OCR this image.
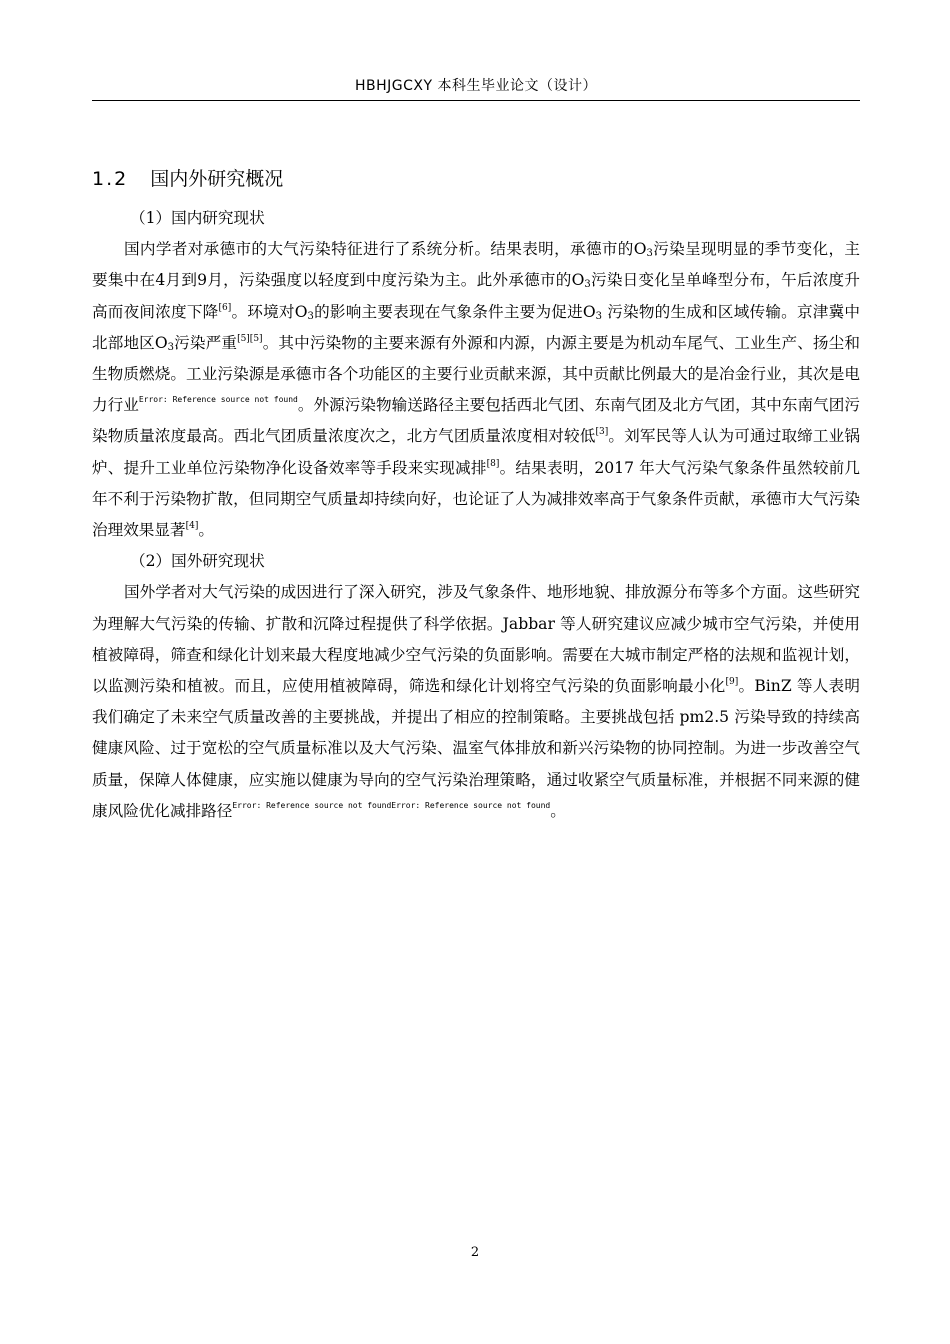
HBHJGCXY 本科生毕业论文（设计）
1.2 国内外研究概况

（1）国内研究现状

国内学者对承德市的大气污染特征进行了系统分析。结果表明，承德市的$O_3$污染呈现明显的季节变化，主要集中在4月到9月，污染强度以轻度到中度污染为主。此外承德市的$O_3$污染日变化呈单峰型分布，午后浓度升高而夜间浓度下降[6]。环境对$O_3$的影响主要表现在气象条件主要为促进$O_3$ 污染物的生成和区域传输。京津冀中北部地区$O_3$污染严重[5][5]。其中污染物的主要来源有外源和内源，内源主要是为机动车尾气、工业生产、扬尘和生物质燃烧。工业污染源是承德市各个功能区的主要行业贡献来源，其中贡献比例最大的是冶金行业，其次是电力行业$^{Error: Reference source not found}$。外源污染物输送路径主要包括西北气团、东南气团及北方气团，其中东南气团污染物质量浓度最高。西北气团质量浓度次之，北方气团质量浓度相对较低[3]。刘军民等人认为可通过取缔工业锅炉、提升工业单位污染物净化设备效率等手段来实现减排[8]。结果表明，2017 年大气污染气象条件虽然较前几年不利于污染物扩散，但同期空气质量却持续向好，也论证了人为减排效率高于气象条件贡献，承德市大气污染治理效果显著[4]。

（2）国外研究现状

国外学者对大气污染的成因进行了深入研究，涉及气象条件、地形地貌、排放源分布等多个方面。这些研究为理解大气污染的传输、扩散和沉降过程提供了科学依据。Jabbar 等人研究建议应减少城市空气污染，并使用植被障碍，筛查和绿化计划来最大程度地减少空气污染的负面影响。需要在大城市制定严格的法规和监视计划，以监测污染和植被。而且，应使用植被障碍，筛选和绿化计划将空气污染的负面影响最小化[9]。BinZ 等人表明我们确定了未来空气质量改善的主要挑战，并提出了相应的控制策略。主要挑战包括 pm2.5 污染导致的持续高健康风险、过于宽松的空气质量标准以及大气污染、温室气体排放和新兴污染物的协同控制。为进一步改善空气质量，保障人体健康，应实施以健康为导向的空气污染治理策略，通过收紧空气质量标准，并根据不同来源的健康风险优化减排路径$^{Error: Reference source not foundError: Reference source not found}$。

2
